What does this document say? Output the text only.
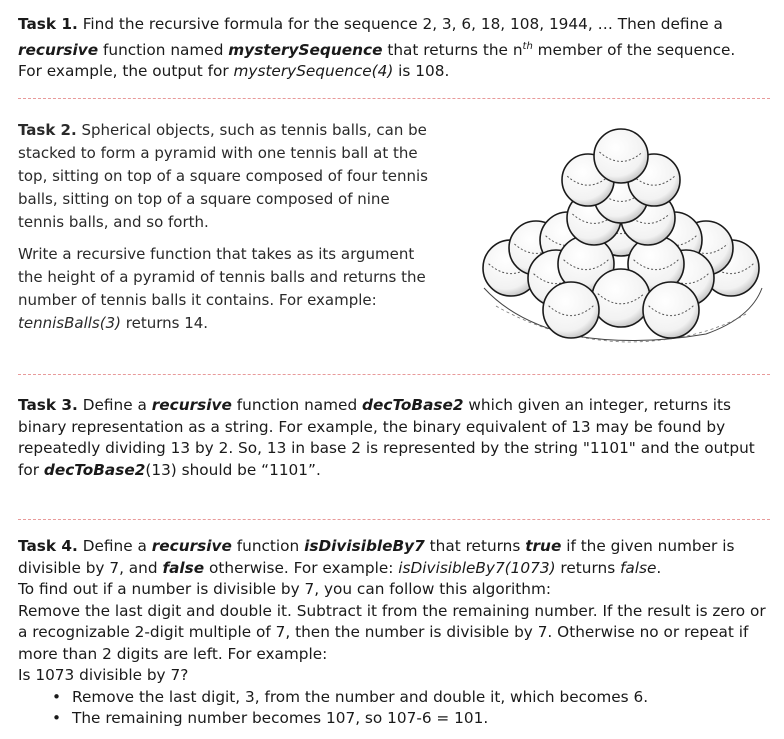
Task 1. Find the recursive formula for the sequence 2, 3, 6, 18, 108, 1944, … Then define a recursive function named mysterySequence that returns the $n^{th}$ member of the sequence.
For example, the output for mysterySequence(4) is 108.

Task 2. Spherical objects, such as tennis balls, can be stacked to form a pyramid with one tennis ball at the top, sitting on top of a square composed of four tennis balls, sitting on top of a square composed of nine tennis balls, and so forth.

Write a recursive function that takes as its argument the height of a pyramid of tennis balls and returns the number of tennis balls it contains. For example: tennisBalls(3) returns 14.

Task 3. Define a recursive function named decToBase2 which given an integer, returns its binary representation as a string. For example, the binary equivalent of 13 may be found by repeatedly dividing 13 by 2. So, 13 in base 2 is represented by the string "1101" and the output for decToBase2(13) should be “1101”.

Task 4. Define a recursive function isDivisibleBy7 that returns true if the given number is divisible by 7, and false otherwise. For example: isDivisibleBy7(1073) returns false.

To find out if a number is divisible by 7, you can follow this algorithm:

Remove the last digit and double it. Subtract it from the remaining number. If the result is zero or a recognizable 2-digit multiple of 7, then the number is divisible by 7. Otherwise no or repeat if more than 2 digits are left. For example:

Is 1073 divisible by 7?

• Remove the last digit, 3, from the number and double it, which becomes 6.
• The remaining number becomes 107, so 107-6 = 101.
